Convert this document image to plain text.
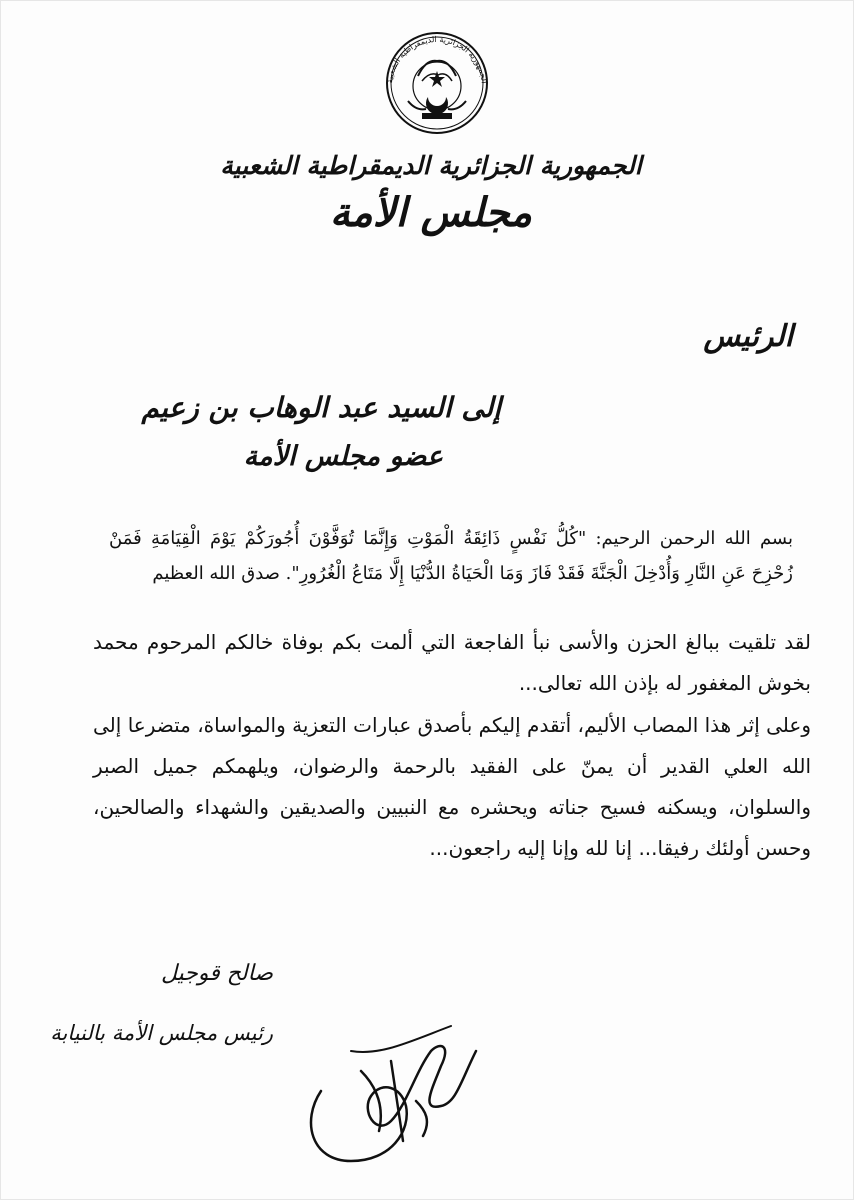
الجمهورية الجزائرية الديمقراطية الشعبية
الجمهورية الجزائرية الديمقراطية الشعبية
مجلس الأمة
الرئيس
إلى السيد عبد الوهاب بن زعيم
عضو مجلس الأمة
بسم الله الرحمن الرحيم: "كُلُّ نَفْسٍ ذَائِقَةُ الْمَوْتِ وَإِنَّمَا تُوَفَّوْنَ أُجُورَكُمْ يَوْمَ الْقِيَامَةِ فَمَنْ زُحْزِحَ عَنِ النَّارِ وَأُدْخِلَ الْجَنَّةَ فَقَدْ فَازَ وَمَا الْحَيَاةُ الدُّنْيَا إِلَّا مَتَاعُ الْغُرُورِ". صدق الله العظيم
لقد تلقيت ببالغ الحزن والأسى نبأ الفاجعة التي ألمت بكم بوفاة خالكم المرحوم محمد بخوش المغفور له بإذن الله تعالى...
وعلى إثر هذا المصاب الأليم، أتقدم إليكم بأصدق عبارات التعزية والمواساة، متضرعا إلى الله العلي القدير أن يمنّ على الفقيد بالرحمة والرضوان، ويلهمكم جميل الصبر والسلوان، ويسكنه فسيح جناته ويحشره مع النبيين والصديقين والشهداء والصالحين، وحسن أولئك رفيقا... إنا لله وإنا إليه راجعون...
صالح قوجيل
رئيس مجلس الأمة بالنيابة
